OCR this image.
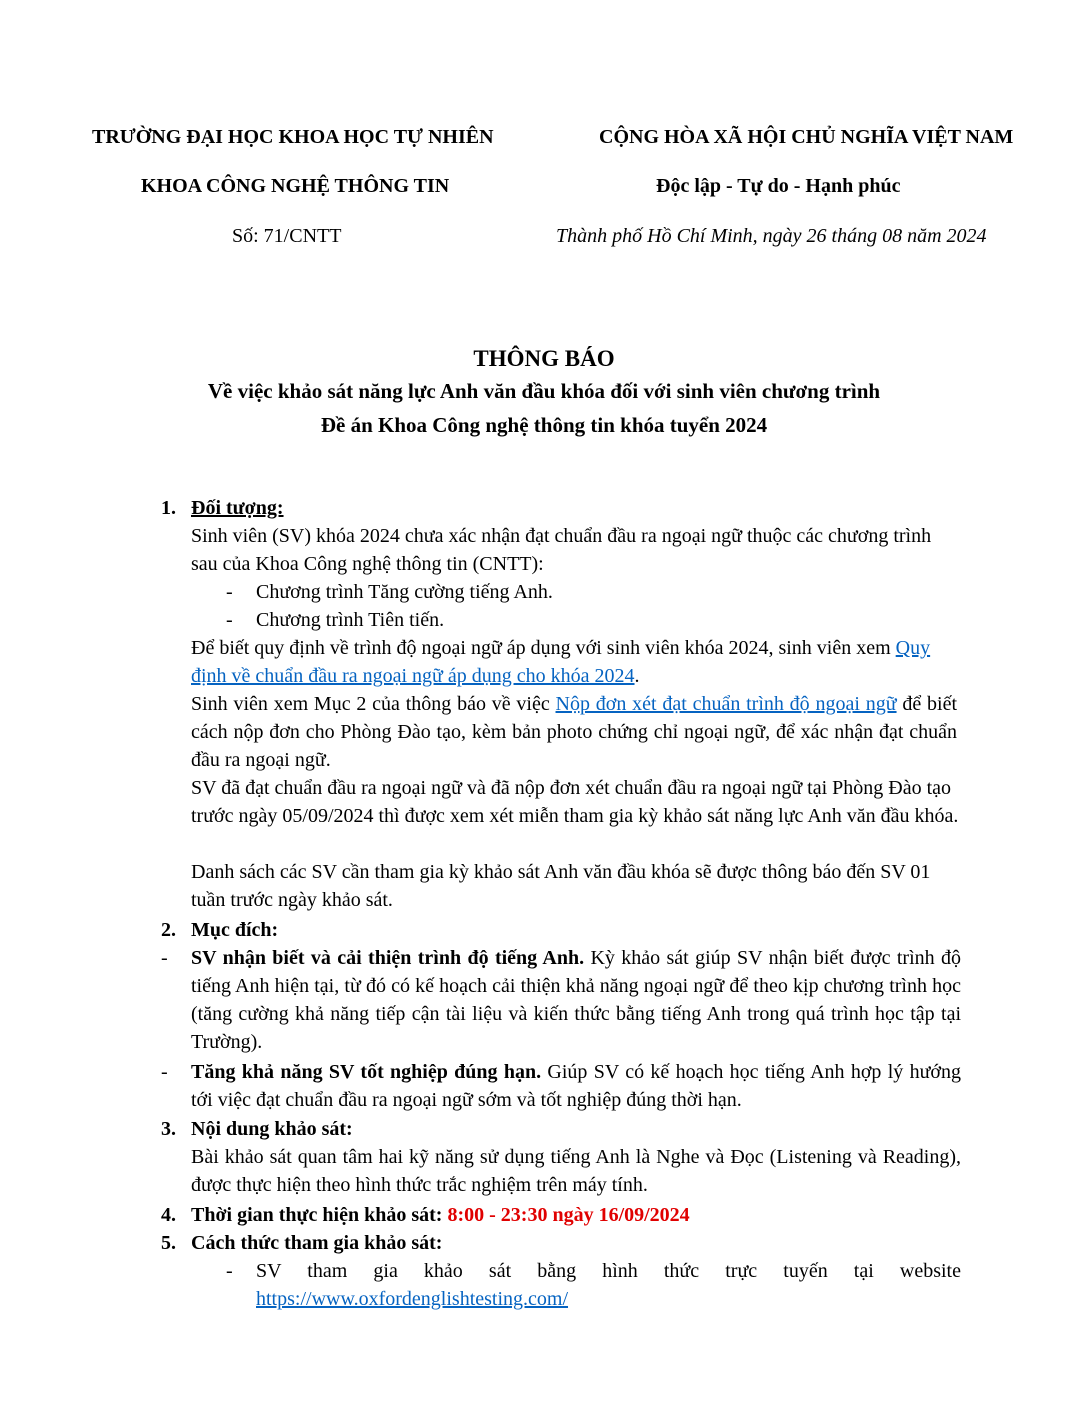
TRƯỜNG ĐẠI HỌC KHOA HỌC TỰ NHIÊN
KHOA CÔNG NGHỆ THÔNG TIN
Số: 71/CNTT
CỘNG HÒA XÃ HỘI CHỦ NGHĨA VIỆT NAM
Độc lập - Tự do - Hạnh phúc
Thành phố Hồ Chí Minh, ngày 26 tháng 08 năm 2024
THÔNG BÁO
Về việc khảo sát năng lực Anh văn đầu khóa đối với sinh viên chương trình
Đề án Khoa Công nghệ thông tin khóa tuyển 2024
1. Đối tượng:
Sinh viên (SV) khóa 2024 chưa xác nhận đạt chuẩn đầu ra ngoại ngữ thuộc các chương trình sau của Khoa Công nghệ thông tin (CNTT):
- Chương trình Tăng cường tiếng Anh.
- Chương trình Tiên tiến.
Để biết quy định về trình độ ngoại ngữ áp dụng với sinh viên khóa 2024, sinh viên xem Quy định về chuẩn đầu ra ngoại ngữ áp dụng cho khóa 2024.
Sinh viên xem Mục 2 của thông báo về việc Nộp đơn xét đạt chuẩn trình độ ngoại ngữ để biết cách nộp đơn cho Phòng Đào tạo, kèm bản photo chứng chỉ ngoại ngữ, để xác nhận đạt chuẩn đầu ra ngoại ngữ.
SV đã đạt chuẩn đầu ra ngoại ngữ và đã nộp đơn xét chuẩn đầu ra ngoại ngữ tại Phòng Đào tạo trước ngày 05/09/2024 thì được xem xét miễn tham gia kỳ khảo sát năng lực Anh văn đầu khóa.
Danh sách các SV cần tham gia kỳ khảo sát Anh văn đầu khóa sẽ được thông báo đến SV 01 tuần trước ngày khảo sát.
2. Mục đích:
- SV nhận biết và cải thiện trình độ tiếng Anh. Kỳ khảo sát giúp SV nhận biết được trình độ tiếng Anh hiện tại, từ đó có kế hoạch cải thiện khả năng ngoại ngữ để theo kịp chương trình học (tăng cường khả năng tiếp cận tài liệu và kiến thức bằng tiếng Anh trong quá trình học tập tại Trường).
- Tăng khả năng SV tốt nghiệp đúng hạn. Giúp SV có kế hoạch học tiếng Anh hợp lý hướng tới việc đạt chuẩn đầu ra ngoại ngữ sớm và tốt nghiệp đúng thời hạn.
3. Nội dung khảo sát:
Bài khảo sát quan tâm hai kỹ năng sử dụng tiếng Anh là Nghe và Đọc (Listening và Reading), được thực hiện theo hình thức trắc nghiệm trên máy tính.
4. Thời gian thực hiện khảo sát: 8:00 - 23:30 ngày 16/09/2024
5. Cách thức tham gia khảo sát:
- SV tham gia khảo sát bằng hình thức trực tuyến tại website
https://www.oxfordenglishtesting.com/
